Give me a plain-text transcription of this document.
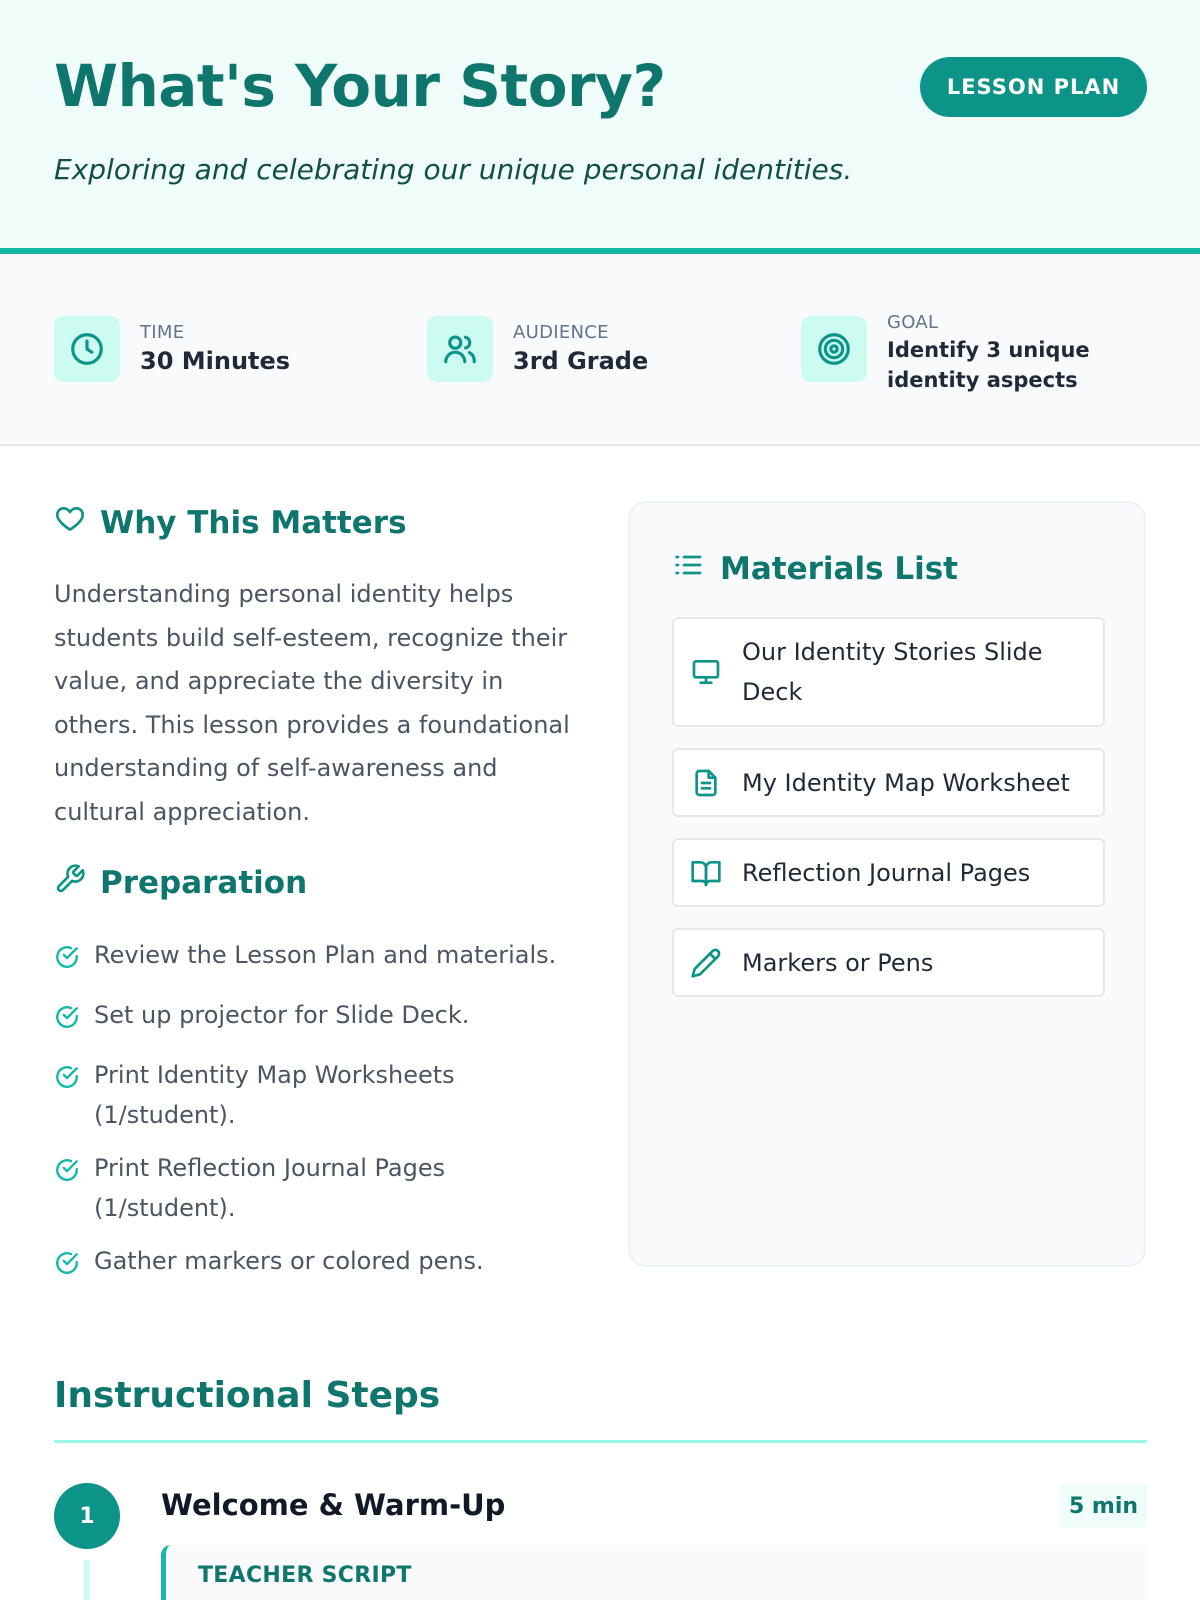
What's Your Story?	LESSON PLAN

Exploring and celebrating our unique personal identities.

TIME
30 Minutes
AUDIENCE
3rd Grade
GOAL
Identify 3 unique identity aspects
Why This Matters

Understanding personal identity helps students build self-esteem, recognize their value, and appreciate the diversity in others. This lesson provides a foundational understanding of self-awareness and cultural appreciation.

Preparation
Review the Lesson Plan and materials.
Set up projector for Slide Deck.
Print Identity Map Worksheets (1/student).
Print Reflection Journal Pages (1/student).
Gather markers or colored pens.
Materials List
Our Identity Stories Slide Deck
My Identity Map Worksheet
Reflection Journal Pages
Markers or Pens
Instructional Steps
1	Welcome & Warm-Up	5 min
TEACHER SCRIPT
